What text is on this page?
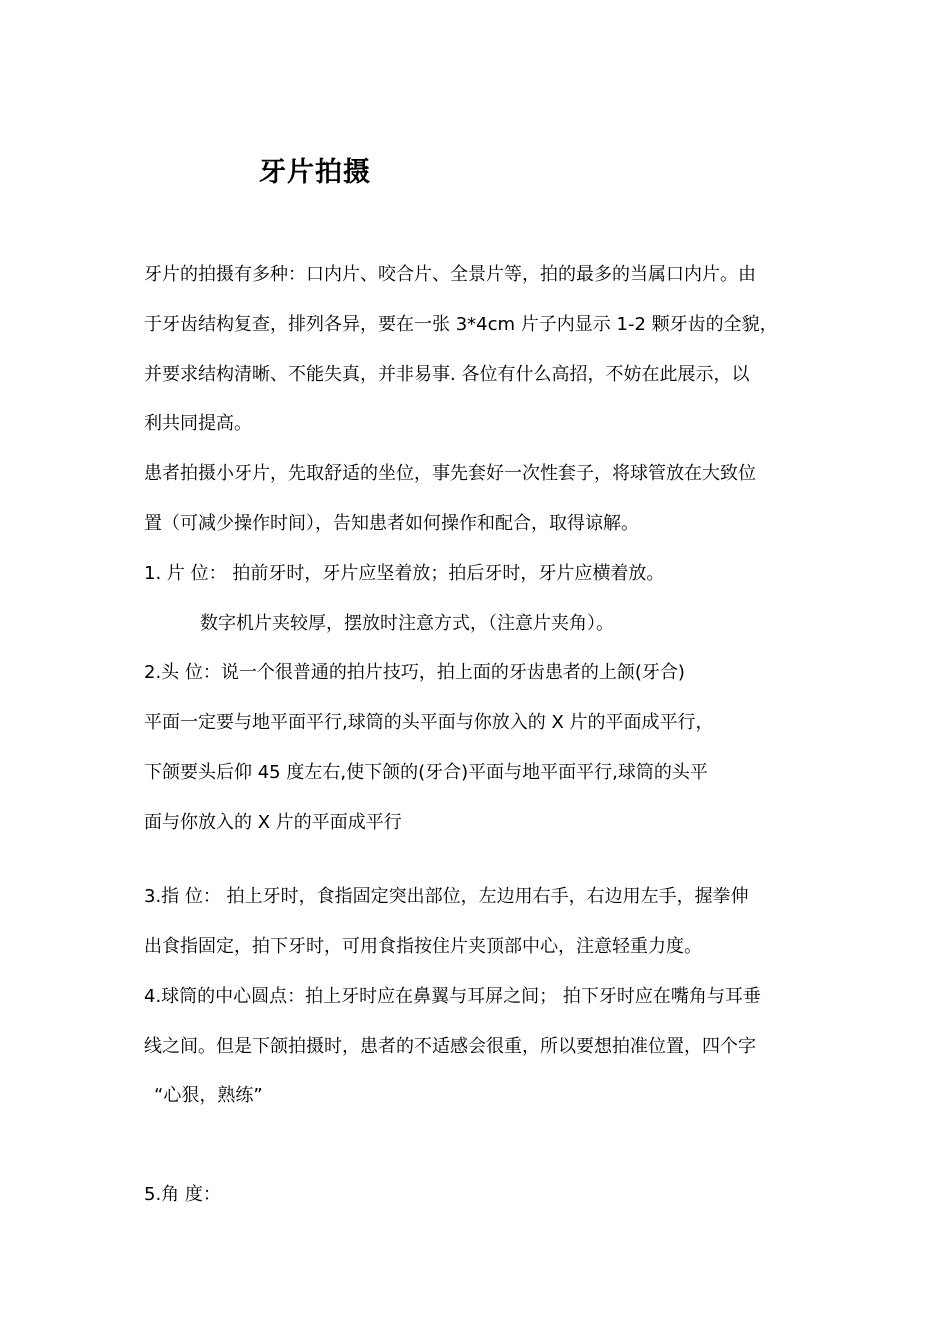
牙片拍摄
牙片的拍摄有多种：口内片、咬合片、全景片等，拍的最多的当属口内片。由
于牙齿结构复查，排列各异，要在一张 3*4cm 片子内显示 1-2 颗牙齿的全貌，
并要求结构清晰、不能失真，并非易事. 各位有什么高招，不妨在此展示，以
利共同提高。
患者拍摄小牙片，先取舒适的坐位，事先套好一次性套子，将球管放在大致位
置（可减少操作时间），告知患者如何操作和配合，取得谅解。
1. 片 位： 拍前牙时，牙片应坚着放；拍后牙时，牙片应横着放。
数字机片夹较厚，摆放时注意方式，（注意片夹角）。
2.头 位：说一个很普通的拍片技巧，拍上面的牙齿患者的上颌(牙合)
平面一定要与地平面平行,球筒的头平面与你放入的 X 片的平面成平行，
下颌要头后仰 45 度左右,使下颌的(牙合)平面与地平面平行,球筒的头平
面与你放入的 X 片的平面成平行
3.指 位： 拍上牙时，食指固定突出部位，左边用右手，右边用左手，握拳伸
出食指固定，拍下牙时，可用食指按住片夹顶部中心，注意轻重力度。
4.球筒的中心圆点：拍上牙时应在鼻翼与耳屏之间； 拍下牙时应在嘴角与耳垂
线之间。但是下颌拍摄时，患者的不适感会很重，所以要想拍准位置，四个字
“心狠，熟练”
5.角 度：
